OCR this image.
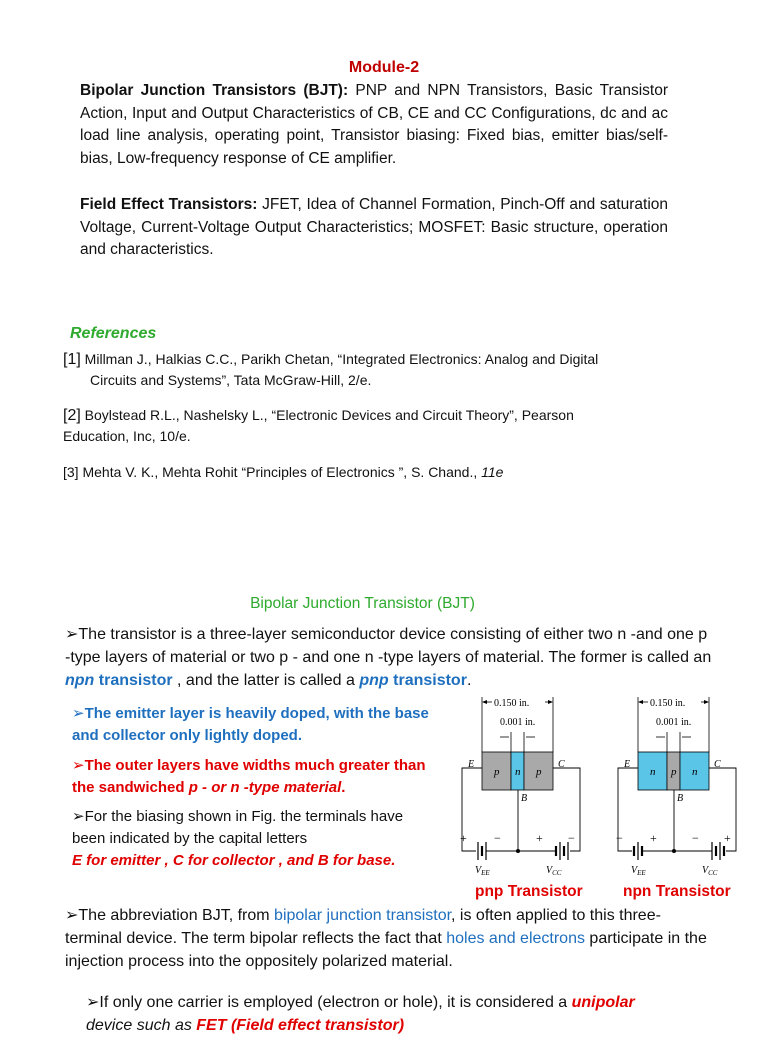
Module-2
Bipolar Junction Transistors (BJT): PNP and NPN Transistors, Basic Transistor Action, Input and Output Characteristics of CB, CE and CC Configurations, dc and ac load line analysis, operating point, Transistor biasing: Fixed bias, emitter bias/self-bias, Low-frequency response of CE amplifier.
Field Effect Transistors: JFET, Idea of Channel Formation, Pinch-Off and saturation Voltage, Current-Voltage Output Characteristics; MOSFET: Basic structure, operation and characteristics.
References
[1] Millman J., Halkias C.C., Parikh Chetan, “Integrated Electronics: Analog and Digital
Circuits and Systems”, Tata McGraw-Hill, 2/e.
[2] Boylstead R.L., Nashelsky L., “Electronic Devices and Circuit Theory”, Pearson
Education, Inc, 10/e.
[3] Mehta V. K., Mehta Rohit “Principles of Electronics ”, S. Chand., 11e
Bipolar Junction Transistor (BJT)
➢The transistor is a three-layer semiconductor device consisting of either two n -and one p -type layers of material or two p - and one n -type layers of material. The former is called an npn transistor , and the latter is called a pnp transistor.
➢The emitter layer is heavily doped, with the base and collector only lightly doped.
➢The outer layers have widths much greater than the sandwiched p - or n -type material.
➢For the biasing shown in Fig. the terminals have been indicated by the capital letters
E for emitter , C for collector , and B for base.
0.150 in.
0.001 in.
p n p
E	C
B
+ −	+ −
$V_{EE}$	$V_{CC}$
0.150 in.
0.001 in.
n p n
E	C
B
− +	− +
$V_{EE}$	$V_{CC}$
pnp Transistor	npn Transistor
➢The abbreviation BJT, from bipolar junction transistor, is often applied to this three-terminal device. The term bipolar reflects the fact that holes and electrons participate in the injection process into the oppositely polarized material.
➢If only one carrier is employed (electron or hole), it is considered a unipolar
device such as FET (Field effect transistor)
